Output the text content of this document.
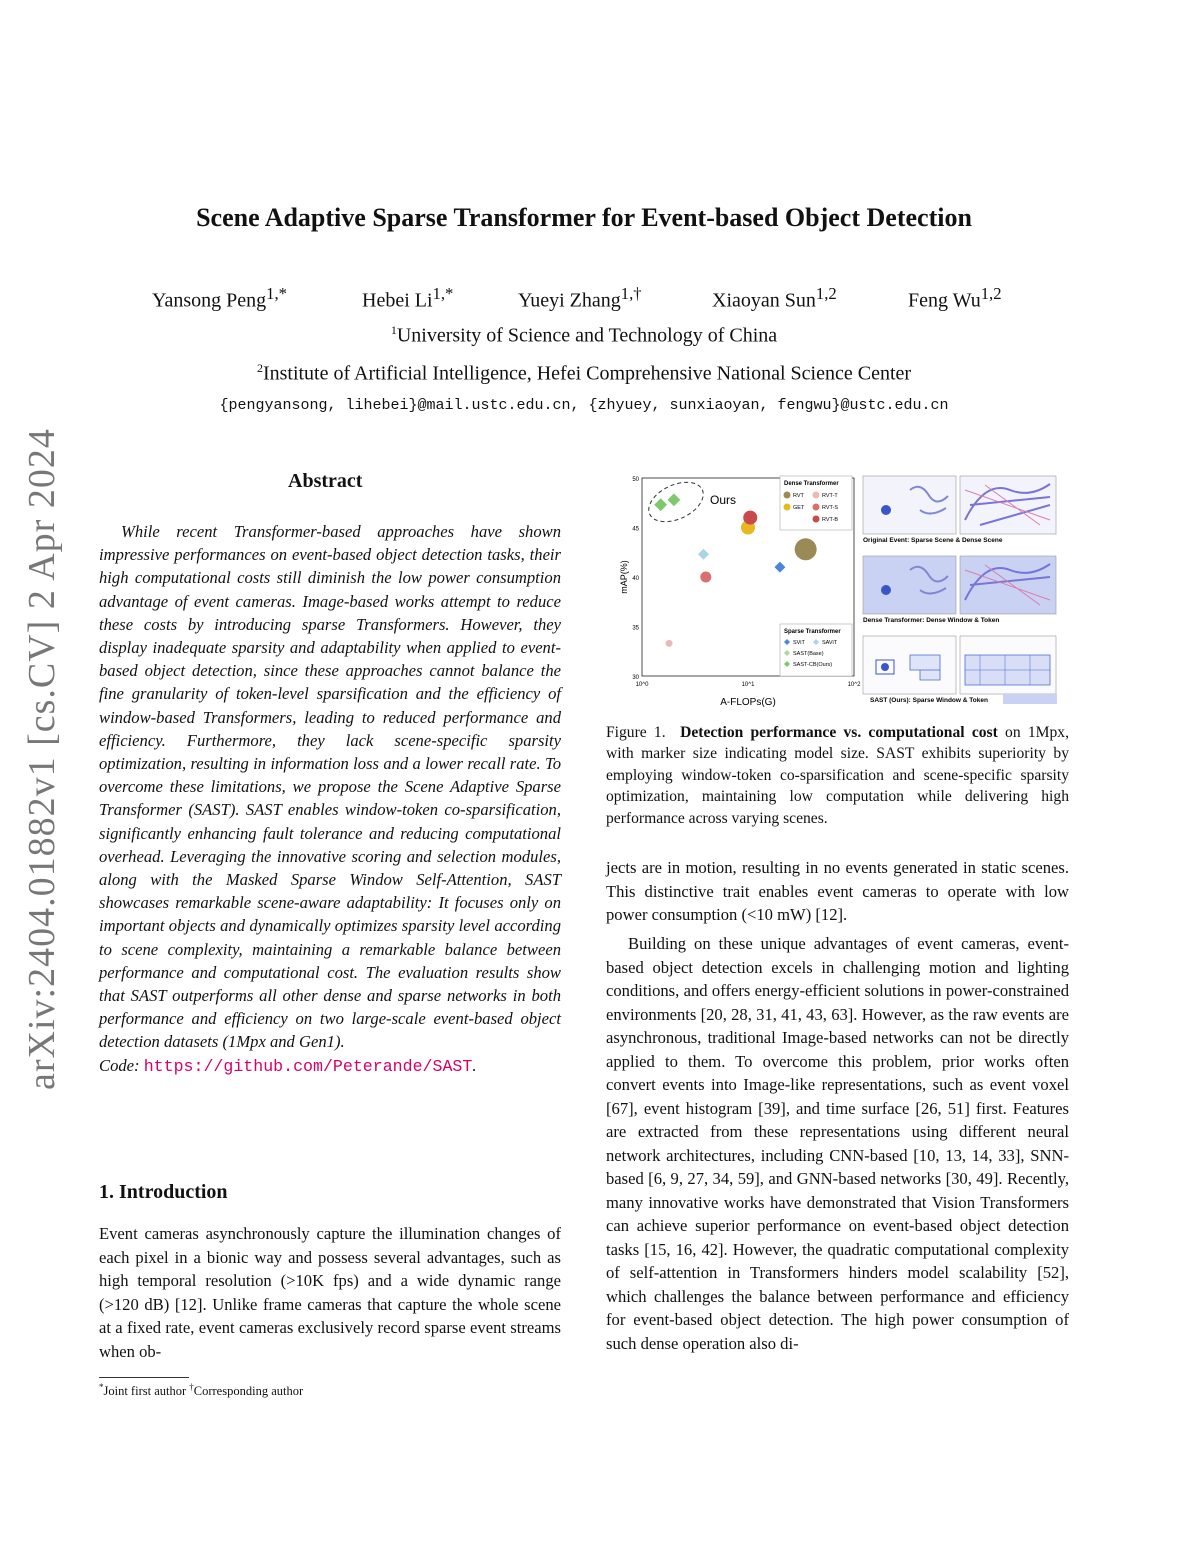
arXiv:2404.01882v1 [cs.CV] 2 Apr 2024
Scene Adaptive Sparse Transformer for Event-based Object Detection
Yansong Peng$^{1,*}$	Hebei $Li^{1,*}$	Yueyi Zhang$^{1,\dagger}$	Xiaoyan Sun$^{1,2}$	Feng Wu$^{1,2}$
$^1$University of Science and Technology of China
$^2$Institute of Artificial Intelligence, Hefei Comprehensive National Science Center
{pengyansong, lihebei}@mail.ustc.edu.cn, {zhyuey, sunxiaoyan, fengwu}@ustc.edu.cn
Abstract
While recent Transformer-based approaches have shown impressive performances on event-based object detection tasks, their high computational costs still diminish the low power consumption advantage of event cameras. Image-based works attempt to reduce these costs by introducing sparse Transformers. However, they display inadequate sparsity and adaptability when applied to event-based object detection, since these approaches cannot balance the fine granularity of token-level sparsification and the efficiency of window-based Transformers, leading to reduced performance and efficiency. Furthermore, they lack scene-specific sparsity optimization, resulting in information loss and a lower recall rate. To overcome these limitations, we propose the Scene Adaptive Sparse Transformer (SAST). SAST enables window-token co-sparsification, significantly enhancing fault tolerance and reducing computational overhead. Leveraging the innovative scoring and selection modules, along with the Masked Sparse Window Self-Attention, SAST showcases remarkable scene-aware adaptability: It focuses only on important objects and dynamically optimizes sparsity level according to scene complexity, maintaining a remarkable balance between performance and computational cost. The evaluation results show that SAST outperforms all other dense and sparse networks in both performance and efficiency on two large-scale event-based object detection datasets (1Mpx and Gen1).
Code: https://github.com/Peterande/SAST.
1. Introduction
Event cameras asynchronously capture the illumination changes of each pixel in a bionic way and possess several advantages, such as high temporal resolution (>10K fps) and a wide dynamic range (>120 dB) [12]. Unlike frame cameras that capture the whole scene at a fixed rate, event cameras exclusively record sparse event streams when ob-
*Joint first author †Corresponding author
30
35
40
45
50
10^0	10^1	10^2
mAP(%)
A-FLOPs(G)
Ours
Dense Transformer
RVT
GET
RVT-T
RVT-S
RVT-B
Sparse Transformer
SViT	SAViT
SAST(Base)
SAST-CB(Ours)
Original Event: Sparse Scene & Dense Scene
Dense Transformer: Dense Window & Token
SAST (Ours): Sparse Window & Token
Figure 1. Detection performance vs. computational cost on 1Mpx, with marker size indicating model size. SAST exhibits superiority by employing window-token co-sparsification and scene-specific sparsity optimization, maintaining low computation while delivering high performance across varying scenes.
jects are in motion, resulting in no events generated in static scenes. This distinctive trait enables event cameras to operate with low power consumption (<10 mW) [12].
Building on these unique advantages of event cameras, event-based object detection excels in challenging motion and lighting conditions, and offers energy-efficient solutions in power-constrained environments [20, 28, 31, 41, 43, 63]. However, as the raw events are asynchronous, traditional Image-based networks can not be directly applied to them. To overcome this problem, prior works often convert events into Image-like representations, such as event voxel [67], event histogram [39], and time surface [26, 51] first. Features are extracted from these representations using different neural network architectures, including CNN-based [10, 13, 14, 33], SNN-based [6, 9, 27, 34, 59], and GNN-based networks [30, 49]. Recently, many innovative works have demonstrated that Vision Transformers can achieve superior performance on event-based object detection tasks [15, 16, 42]. However, the quadratic computational complexity of self-attention in Transformers hinders model scalability [52], which challenges the balance between performance and efficiency for event-based object detection. The high power consumption of such dense operation also di-
